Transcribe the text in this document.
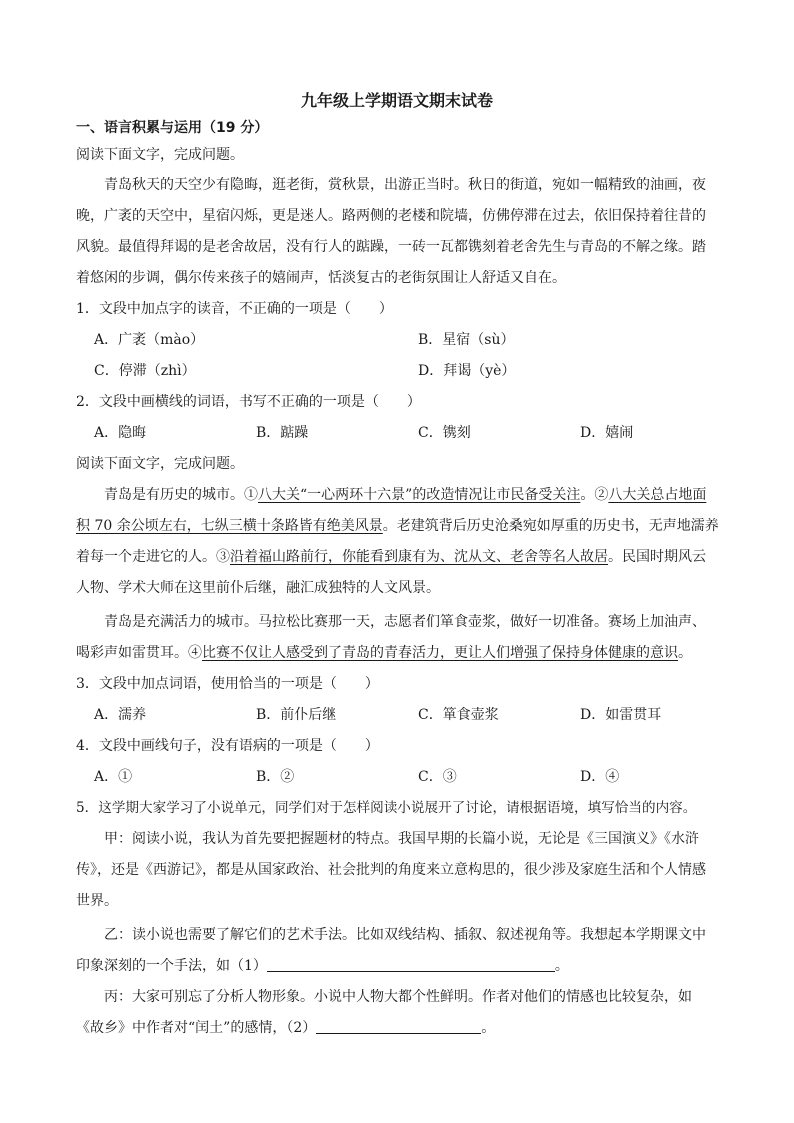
九年级上学期语文期末试卷
一、语言积累与运用（19 分）
阅读下面文字，完成问题。
青岛秋天的天空少有隐晦，逛老街，赏秋景，出游正当时。秋日的街道，宛如一幅精致的油画，夜
晚，广袤的天空中，星宿闪烁，更是迷人。路两侧的老楼和院墙，仿佛停滞在过去，依旧保持着往昔的
风貌。最值得拜谒的是老舍故居，没有行人的踮躁，一砖一瓦都镌刻着老舍先生与青岛的不解之缘。踏
着悠闲的步调，偶尔传来孩子的嬉闹声，恬淡复古的老街氛围让人舒适又自在。
1．文段中加点字的读音，不正确的一项是（　　）
A．广袤（mào）	B．星宿（sù）
C．停滞（zhì）	D．拜谒（yè）
2．文段中画横线的词语，书写不正确的一项是（　　）
A．隐晦	B．踮躁	C．镌刻	D．嬉闹
阅读下面文字，完成问题。
青岛是有历史的城市。①八大关“一心两环十六景”的改造情况让市民备受关注。②八大关总占地面
积 70 余公顷左右，七纵三横十条路皆有绝美风景。老建筑背后历史沧桑宛如厚重的历史书，无声地濡养
着每一个走进它的人。③沿着福山路前行，你能看到康有为、沈从文、老舍等名人故居。民国时期风云
人物、学术大师在这里前仆后继，融汇成独特的人文风景。
青岛是充满活力的城市。马拉松比赛那一天，志愿者们箪食壶浆，做好一切准备。赛场上加油声、
喝彩声如雷贯耳。④比赛不仅让人感受到了青岛的青春活力，更让人们增强了保持身体健康的意识。
3．文段中加点词语，使用恰当的一项是（　　）
A．濡养	B．前仆后继	C．箪食壶浆	D．如雷贯耳
4．文段中画线句子，没有语病的一项是（　　）
A．①	B．②	C．③	D．④
5．这学期大家学习了小说单元，同学们对于怎样阅读小说展开了讨论，请根据语境，填写恰当的内容。
甲：阅读小说，我认为首先要把握题材的特点。我国早期的长篇小说，无论是《三国演义》《水浒
传》，还是《西游记》，都是从国家政治、社会批判的角度来立意构思的，很少涉及家庭生活和个人情感
世界。
乙：读小说也需要了解它们的艺术手法。比如双线结构、插叙、叙述视角等。我想起本学期课文中
印象深刻的一个手法，如（1）	。
丙：大家可别忘了分析人物形象。小说中人物大都个性鲜明。作者对他们的情感也比较复杂，如
《故乡》中作者对“闰土”的感情，（2）	。
